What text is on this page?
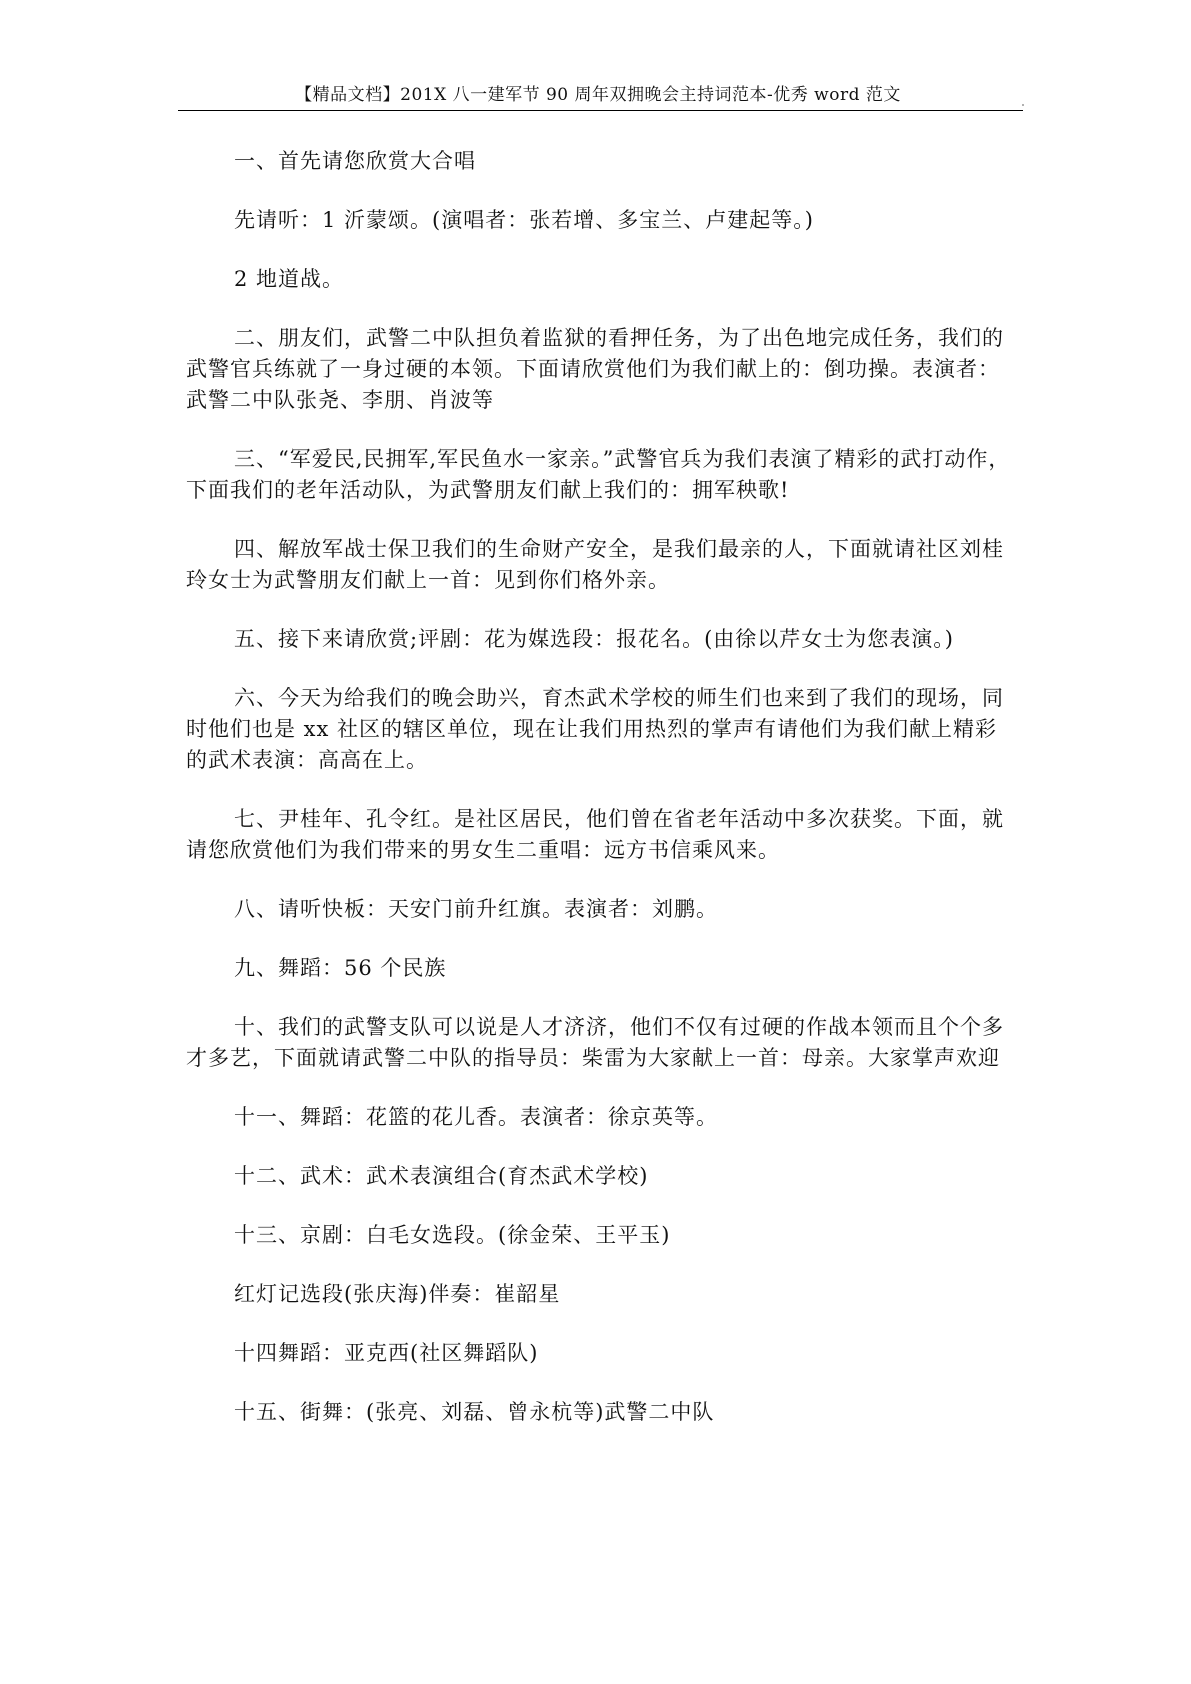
【精品文档】201X 八一建军节 90 周年双拥晚会主持词范本-优秀 word 范文

一、首先请您欣赏大合唱

先请听：1 沂蒙颂。(演唱者：张若增、多宝兰、卢建起等。)

2 地道战。

二、朋友们，武警二中队担负着监狱的看押任务，为了出色地完成任务，我们的武警官兵练就了一身过硬的本领。下面请欣赏他们为我们献上的：倒功操。表演者：武警二中队张尧、李朋、肖波等

三、“军爱民,民拥军,军民鱼水一家亲。”武警官兵为我们表演了精彩的武打动作，下面我们的老年活动队，为武警朋友们献上我们的：拥军秧歌!

四、解放军战士保卫我们的生命财产安全，是我们最亲的人，下面就请社区刘桂玲女士为武警朋友们献上一首：见到你们格外亲。

五、接下来请欣赏;评剧：花为媒选段：报花名。(由徐以芹女士为您表演。)

六、今天为给我们的晚会助兴，育杰武术学校的师生们也来到了我们的现场，同时他们也是 xx 社区的辖区单位，现在让我们用热烈的掌声有请他们为我们献上精彩的武术表演：高高在上。

七、尹桂年、孔令红。是社区居民，他们曾在省老年活动中多次获奖。下面，就请您欣赏他们为我们带来的男女生二重唱：远方书信乘风来。

八、请听快板：天安门前升红旗。表演者：刘鹏。

九、舞蹈：56 个民族

十、我们的武警支队可以说是人才济济，他们不仅有过硬的作战本领而且个个多才多艺，下面就请武警二中队的指导员：柴雷为大家献上一首：母亲。大家掌声欢迎

十一、舞蹈：花篮的花儿香。表演者：徐京英等。

十二、武术：武术表演组合(育杰武术学校)

十三、京剧：白毛女选段。(徐金荣、王平玉)

红灯记选段(张庆海)伴奏：崔韶星

十四舞蹈：亚克西(社区舞蹈队)

十五、街舞：(张亮、刘磊、曾永杭等)武警二中队
